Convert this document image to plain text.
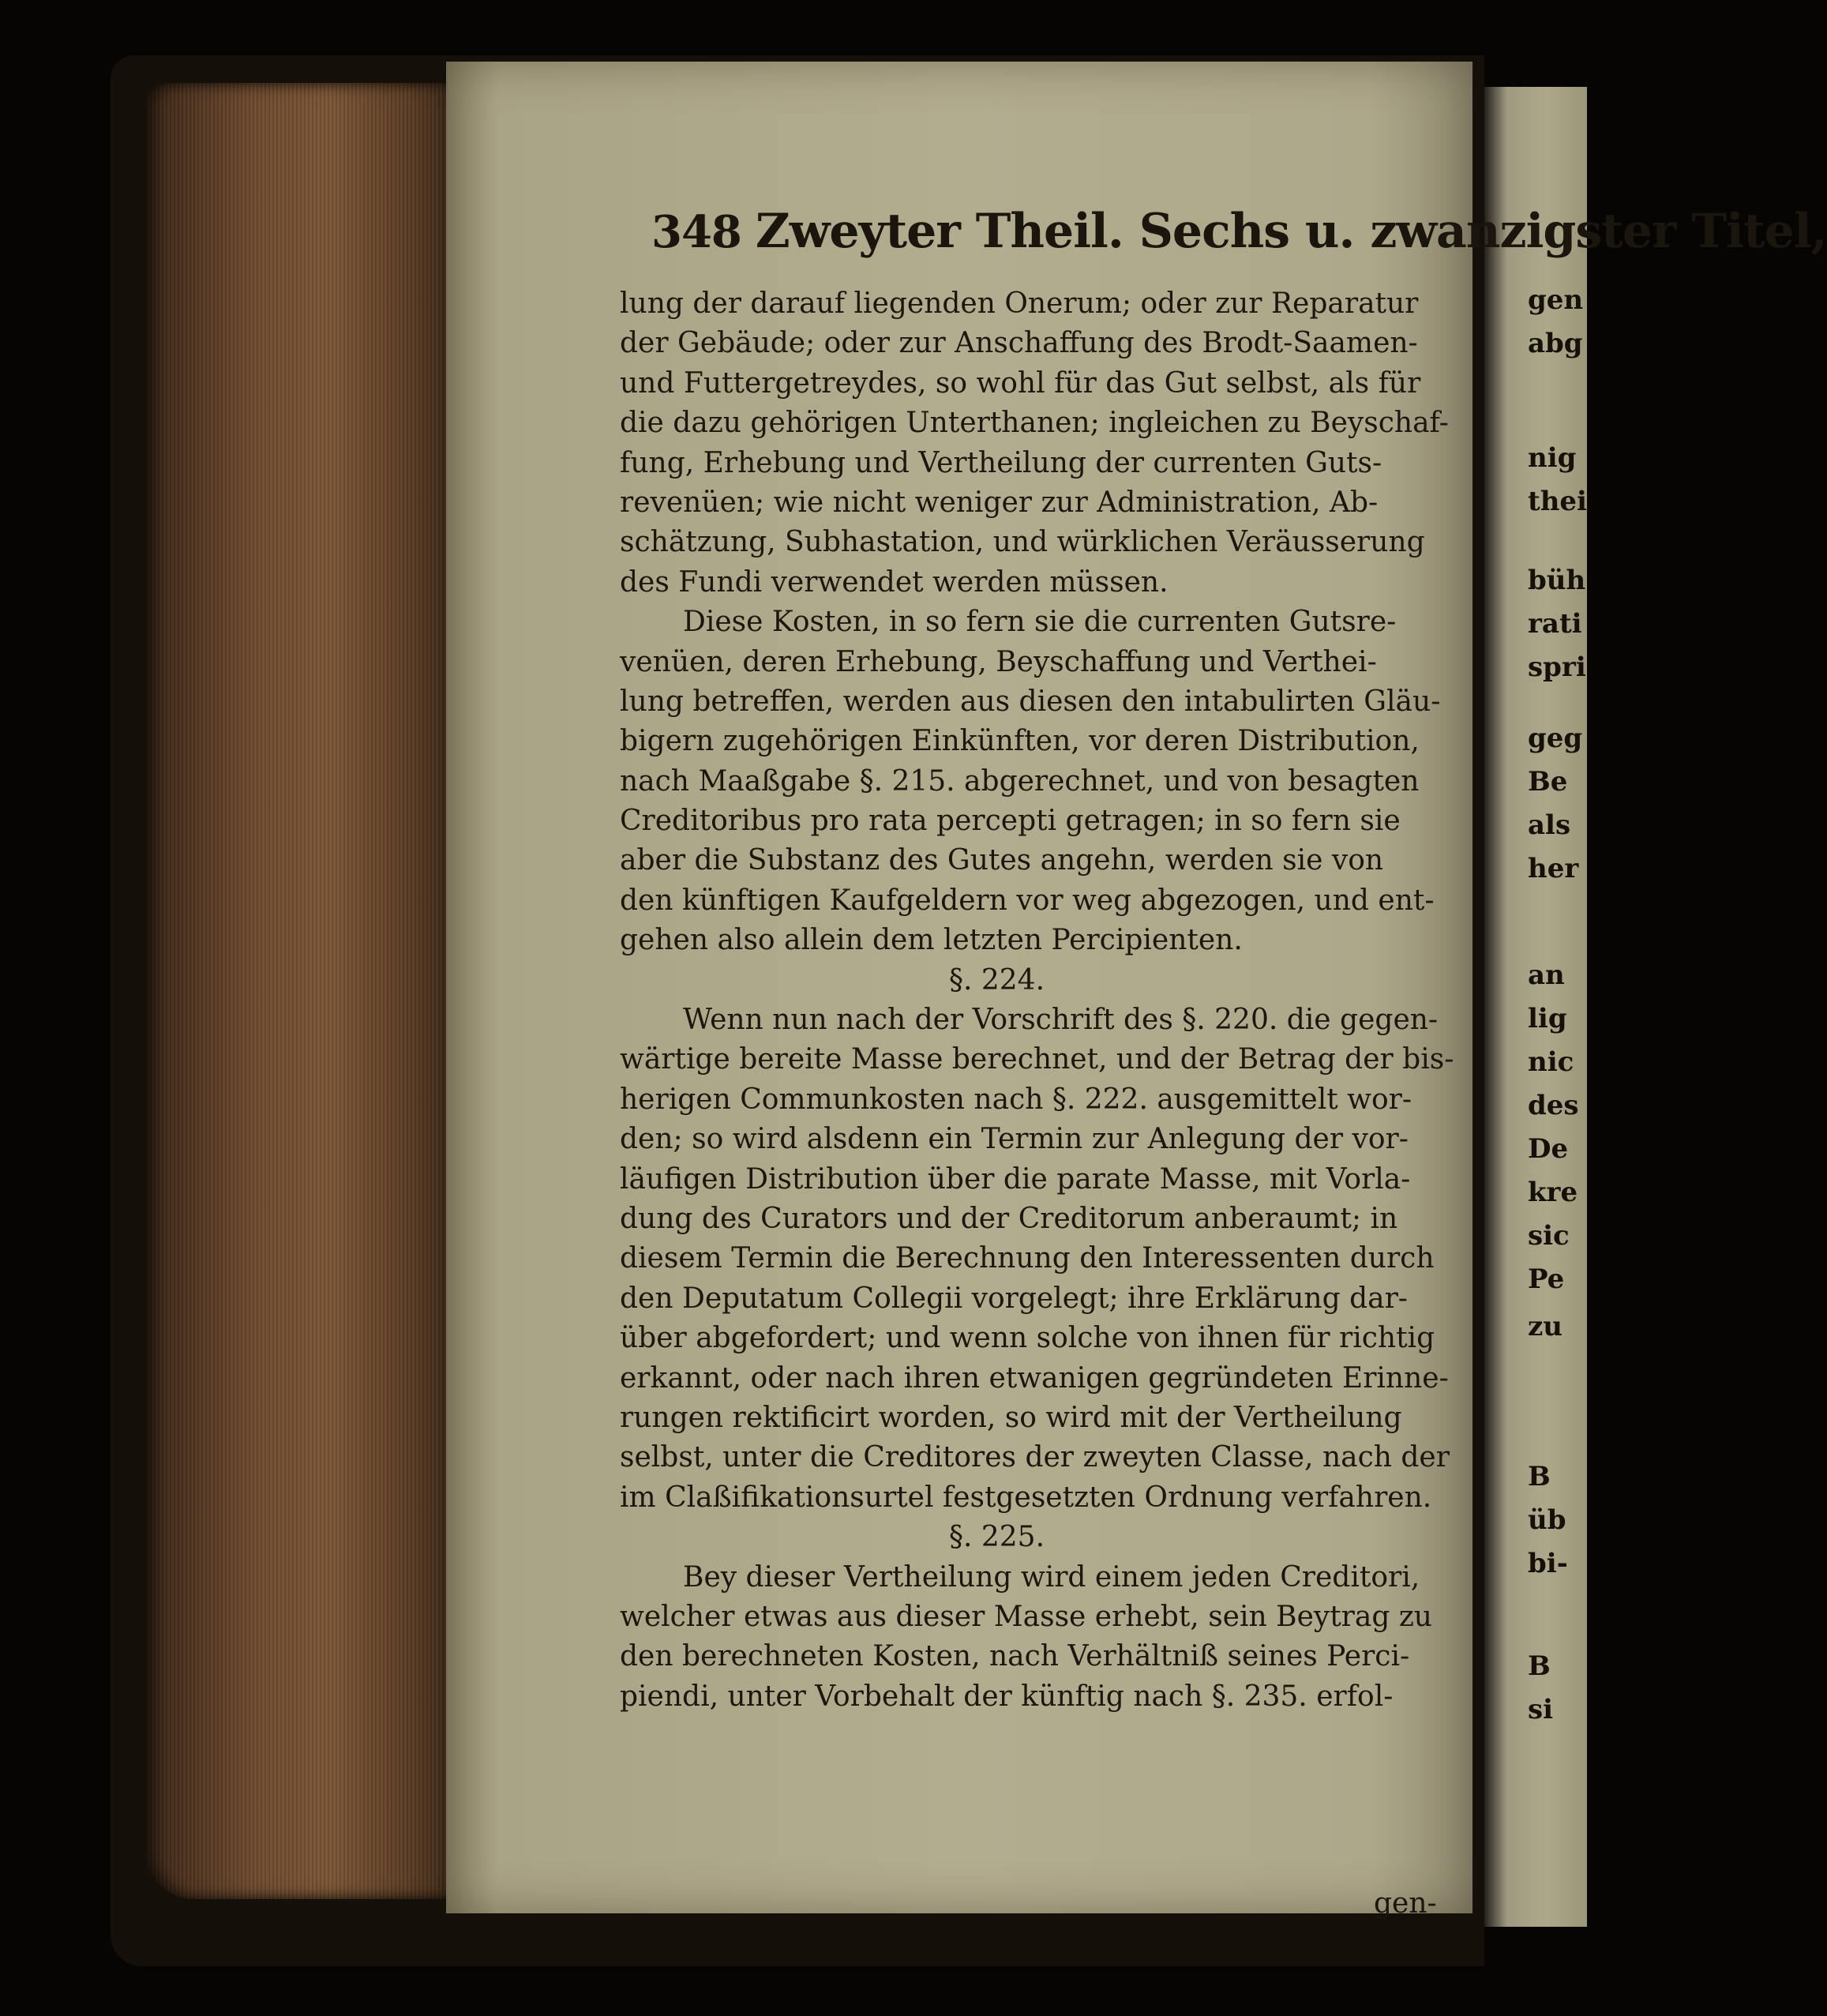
348 Zweyter Theil. Sechs u. zwanzigster Titel,
lung der darauf liegenden Onerum; oder zur Reparatur
der Gebäude; oder zur Anschaffung des Brodt-Saamen-
und Futtergetreydes, so wohl für das Gut selbst, als für
die dazu gehörigen Unterthanen; ingleichen zu Beyschaf-
fung, Erhebung und Vertheilung der currenten Guts-
revenüen; wie nicht weniger zur Administration, Ab-
schätzung, Subhastation, und würklichen Veräusserung
des Fundi verwendet werden müssen.
Diese Kosten, in so fern sie die currenten Gutsre-
venüen, deren Erhebung, Beyschaffung und Verthei-
lung betreffen, werden aus diesen den intabulirten Gläu-
bigern zugehörigen Einkünften, vor deren Distribution,
nach Maaßgabe §. 215. abgerechnet, und von besagten
Creditoribus pro rata percepti getragen; in so fern sie
aber die Substanz des Gutes angehn, werden sie von
den künftigen Kaufgeldern vor weg abgezogen, und ent-
gehen also allein dem letzten Percipienten.
§. 224.
Wenn nun nach der Vorschrift des §. 220. die gegen-
wärtige bereite Masse berechnet, und der Betrag der bis-
herigen Communkosten nach §. 222. ausgemittelt wor-
den; so wird alsdenn ein Termin zur Anlegung der vor-
läufigen Distribution über die parate Masse, mit Vorla-
dung des Curators und der Creditorum anberaumt; in
diesem Termin die Berechnung den Interessenten durch
den Deputatum Collegii vorgelegt; ihre Erklärung dar-
über abgefordert; und wenn solche von ihnen für richtig
erkannt, oder nach ihren etwanigen gegründeten Erinne-
rungen rektificirt worden, so wird mit der Vertheilung
selbst, unter die Creditores der zweyten Classe, nach der
im Claßifikationsurtel festgesetzten Ordnung verfahren.
§. 225.
Bey dieser Vertheilung wird einem jeden Creditori,
welcher etwas aus dieser Masse erhebt, sein Beytrag zu
den berechneten Kosten, nach Verhältniß seines Perci-
piendi, unter Vorbehalt der künftig nach §. 235. erfol-
gen-
gen
abg
nig
thei
büh
rati
spri
geg
Be
als
her
an
lig
nic
des
De
kre
sic
Pe
zu
B
üb
bi-
B
si
